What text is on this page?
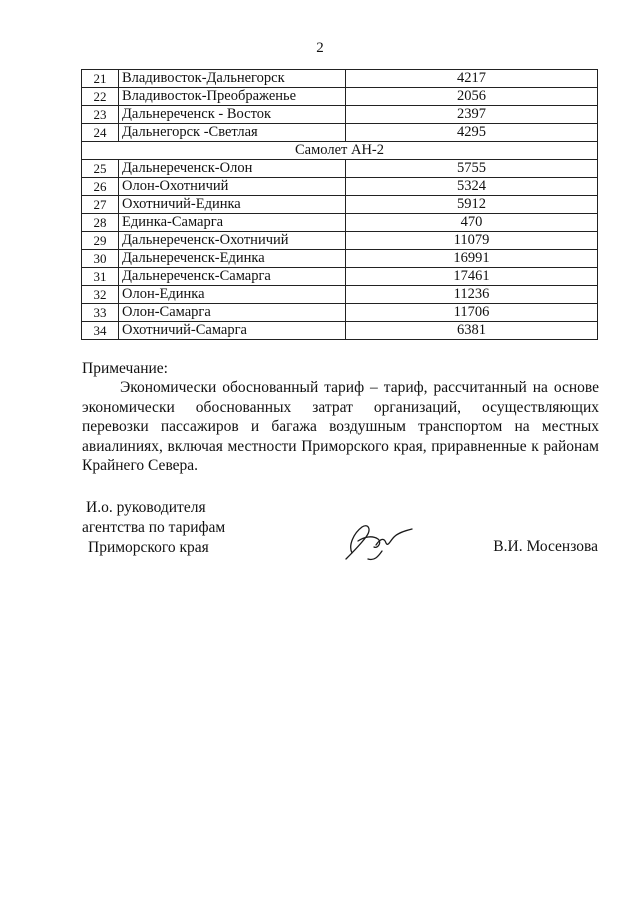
2
21	Владивосток-Дальнегорск	4217
22	Владивосток-Преображенье	2056
23	Дальнереченск - Восток	2397
24	Дальнегорск -Светлая	4295
Самолет АН-2		
25	Дальнереченск-Олон	5755
26	Олон-Охотничий	5324
27	Охотничий-Единка	5912
28	Единка-Самарга	470
29	Дальнереченск-Охотничий	11079
30	Дальнереченск-Единка	16991
31	Дальнереченск-Самарга	17461
32	Олон-Единка	11236
33	Олон-Самарга	11706
34	Охотничий-Самарга	6381
Примечание:
Экономически обоснованный тариф – тариф, рассчитанный на основе экономически обоснованных затрат организаций, осуществляющих перевозки пассажиров и багажа воздушным транспортом на местных авиалиниях, включая местности Приморского края, приравненные к районам Крайнего Севера.
И.о. руководителя
агентства по тарифам
Приморского края	В.И. Мосензова
